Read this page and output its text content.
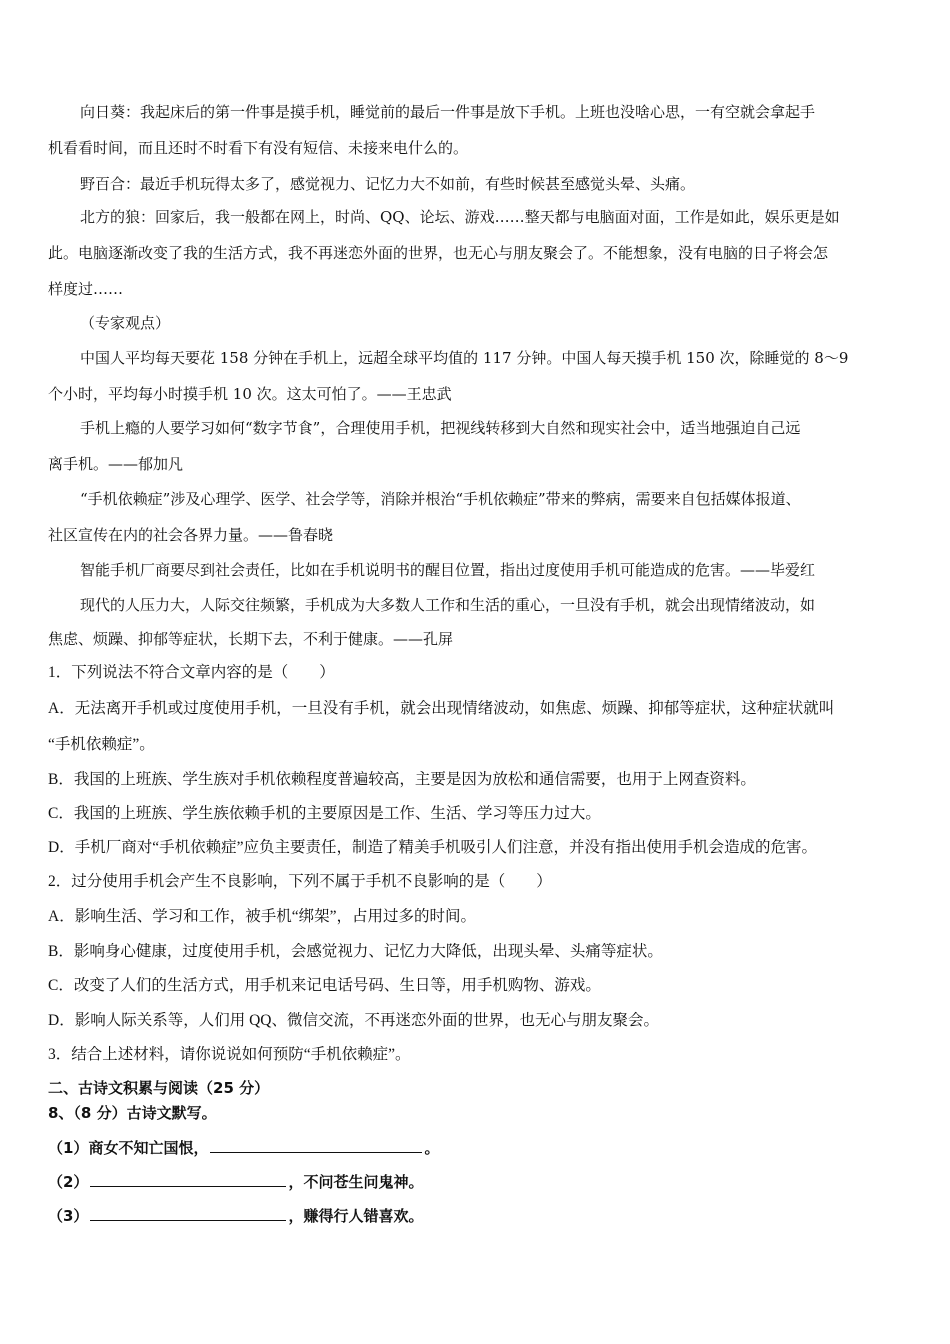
向日葵：我起床后的第一件事是摸手机，睡觉前的最后一件事是放下手机。上班也没啥心思，一有空就会拿起手
机看看时间，而且还时不时看下有没有短信、未接来电什么的。
野百合：最近手机玩得太多了，感觉视力、记忆力大不如前，有些时候甚至感觉头晕、头痛。
北方的狼：回家后，我一般都在网上，时尚、QQ、论坛、游戏……整天都与电脑面对面，工作是如此，娱乐更是如
此。电脑逐渐改变了我的生活方式，我不再迷恋外面的世界，也无心与朋友聚会了。不能想象，没有电脑的日子将会怎
样度过……
（专家观点）
中国人平均每天要花 158 分钟在手机上，远超全球平均值的 117 分钟。中国人每天摸手机 150 次，除睡觉的 8～9
个小时，平均每小时摸手机 10 次。这太可怕了。——王忠武
手机上瘾的人要学习如何“数字节食”，合理使用手机，把视线转移到大自然和现实社会中，适当地强迫自己远
离手机。——郁加凡
“手机依赖症”涉及心理学、医学、社会学等，消除并根治“手机依赖症”带来的弊病，需要来自包括媒体报道、
社区宣传在内的社会各界力量。——鲁春晓
智能手机厂商要尽到社会责任，比如在手机说明书的醒目位置，指出过度使用手机可能造成的危害。——毕爱红
现代的人压力大，人际交往频繁，手机成为大多数人工作和生活的重心，一旦没有手机，就会出现情绪波动，如
焦虑、烦躁、抑郁等症状，长期下去，不利于健康。——孔屏
1．下列说法不符合文章内容的是（　　）
A．无法离开手机或过度使用手机，一旦没有手机，就会出现情绪波动，如焦虑、烦躁、抑郁等症状，这种症状就叫
“手机依赖症”。
B．我国的上班族、学生族对手机依赖程度普遍较高，主要是因为放松和通信需要，也用于上网查资料。
C．我国的上班族、学生族依赖手机的主要原因是工作、生活、学习等压力过大。
D．手机厂商对“手机依赖症”应负主要责任，制造了精美手机吸引人们注意，并没有指出使用手机会造成的危害。
2．过分使用手机会产生不良影响，下列不属于手机不良影响的是（　　）
A．影响生活、学习和工作，被手机“绑架”，占用过多的时间。
B．影响身心健康，过度使用手机，会感觉视力、记忆力大降低，出现头晕、头痛等症状。
C．改变了人们的生活方式，用手机来记电话号码、生日等，用手机购物、游戏。
D．影响人际关系等，人们用 QQ、微信交流，不再迷恋外面的世界，也无心与朋友聚会。
3．结合上述材料，请你说说如何预防“手机依赖症”。
二、古诗文积累与阅读（25 分）
8、（8 分）古诗文默写。
（1）商女不知亡国恨，	。
（2）	，不问苍生问鬼神。
（3）	，赚得行人错喜欢。
